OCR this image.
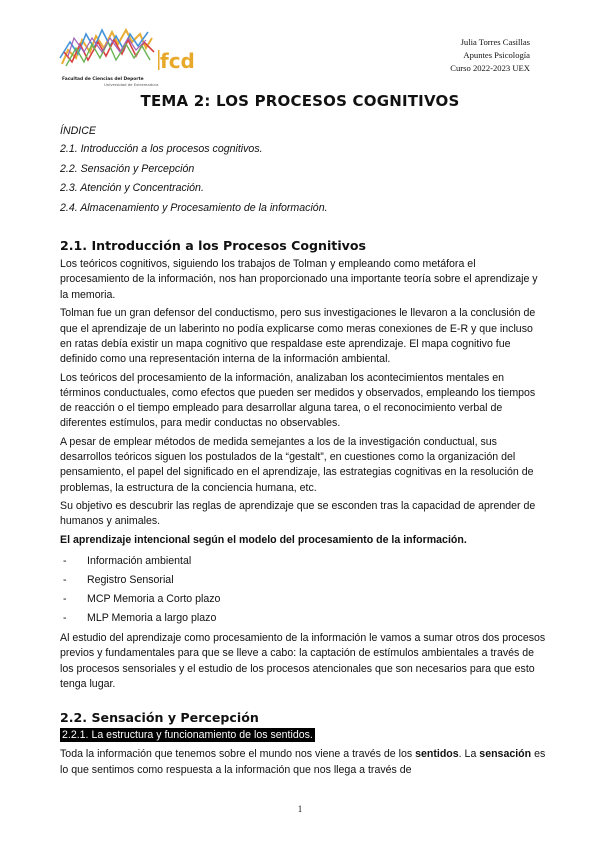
fcd
Facultad de Ciencias del Deporte
Universidad de Extremadura
Julia Torres Casillas
Apuntes Psicología
Curso 2022-2023 UEX
TEMA 2: LOS PROCESOS COGNITIVOS

ÍNDICE

2.1. Introducción a los procesos cognitivos.

2.2. Sensación y Percepción

2.3. Atención y Concentración.

2.4. Almacenamiento y Procesamiento de la información.

2.1. Introducción a los Procesos Cognitivos

Los teóricos cognitivos, siguiendo los trabajos de Tolman y empleando como metáfora el procesamiento de la información, nos han proporcionado una importante teoría sobre el aprendizaje y la memoria.

Tolman fue un gran defensor del conductismo, pero sus investigaciones le llevaron a la conclusión de que el aprendizaje de un laberinto no podía explicarse como meras conexiones de E-R y que incluso en ratas debía existir un mapa cognitivo que respaldase este aprendizaje. El mapa cognitivo fue definido como una representación interna de la información ambiental.

Los teóricos del procesamiento de la información, analizaban los acontecimientos mentales en términos conductuales, como efectos que pueden ser medidos y observados, empleando los tiempos de reacción o el tiempo empleado para desarrollar alguna tarea, o el reconocimiento verbal de diferentes estímulos, para medir conductas no observables.

A pesar de emplear métodos de medida semejantes a los de la investigación conductual, sus desarrollos teóricos siguen los postulados de la “gestalt”, en cuestiones como la organización del pensamiento, el papel del significado en el aprendizaje, las estrategias cognitivas en la resolución de problemas, la estructura de la conciencia humana, etc.

Su objetivo es descubrir las reglas de aprendizaje que se esconden tras la capacidad de aprender de humanos y animales.

El aprendizaje intencional según el modelo del procesamiento de la información.

- Información ambiental
- Registro Sensorial
- MCP Memoria a Corto plazo
- MLP Memoria a largo plazo

Al estudio del aprendizaje como procesamiento de la información le vamos a sumar otros dos procesos previos y fundamentales para que se lleve a cabo: la captación de estímulos ambientales a través de los procesos sensoriales y el estudio de los procesos atencionales que son necesarios para que esto tenga lugar.

2.2. Sensación y Percepción
2.2.1. La estructura y funcionamiento de los sentidos.

Toda la información que tenemos sobre el mundo nos viene a través de los sentidos. La sensación es lo que sentimos como respuesta a la información que nos llega a través de

1
